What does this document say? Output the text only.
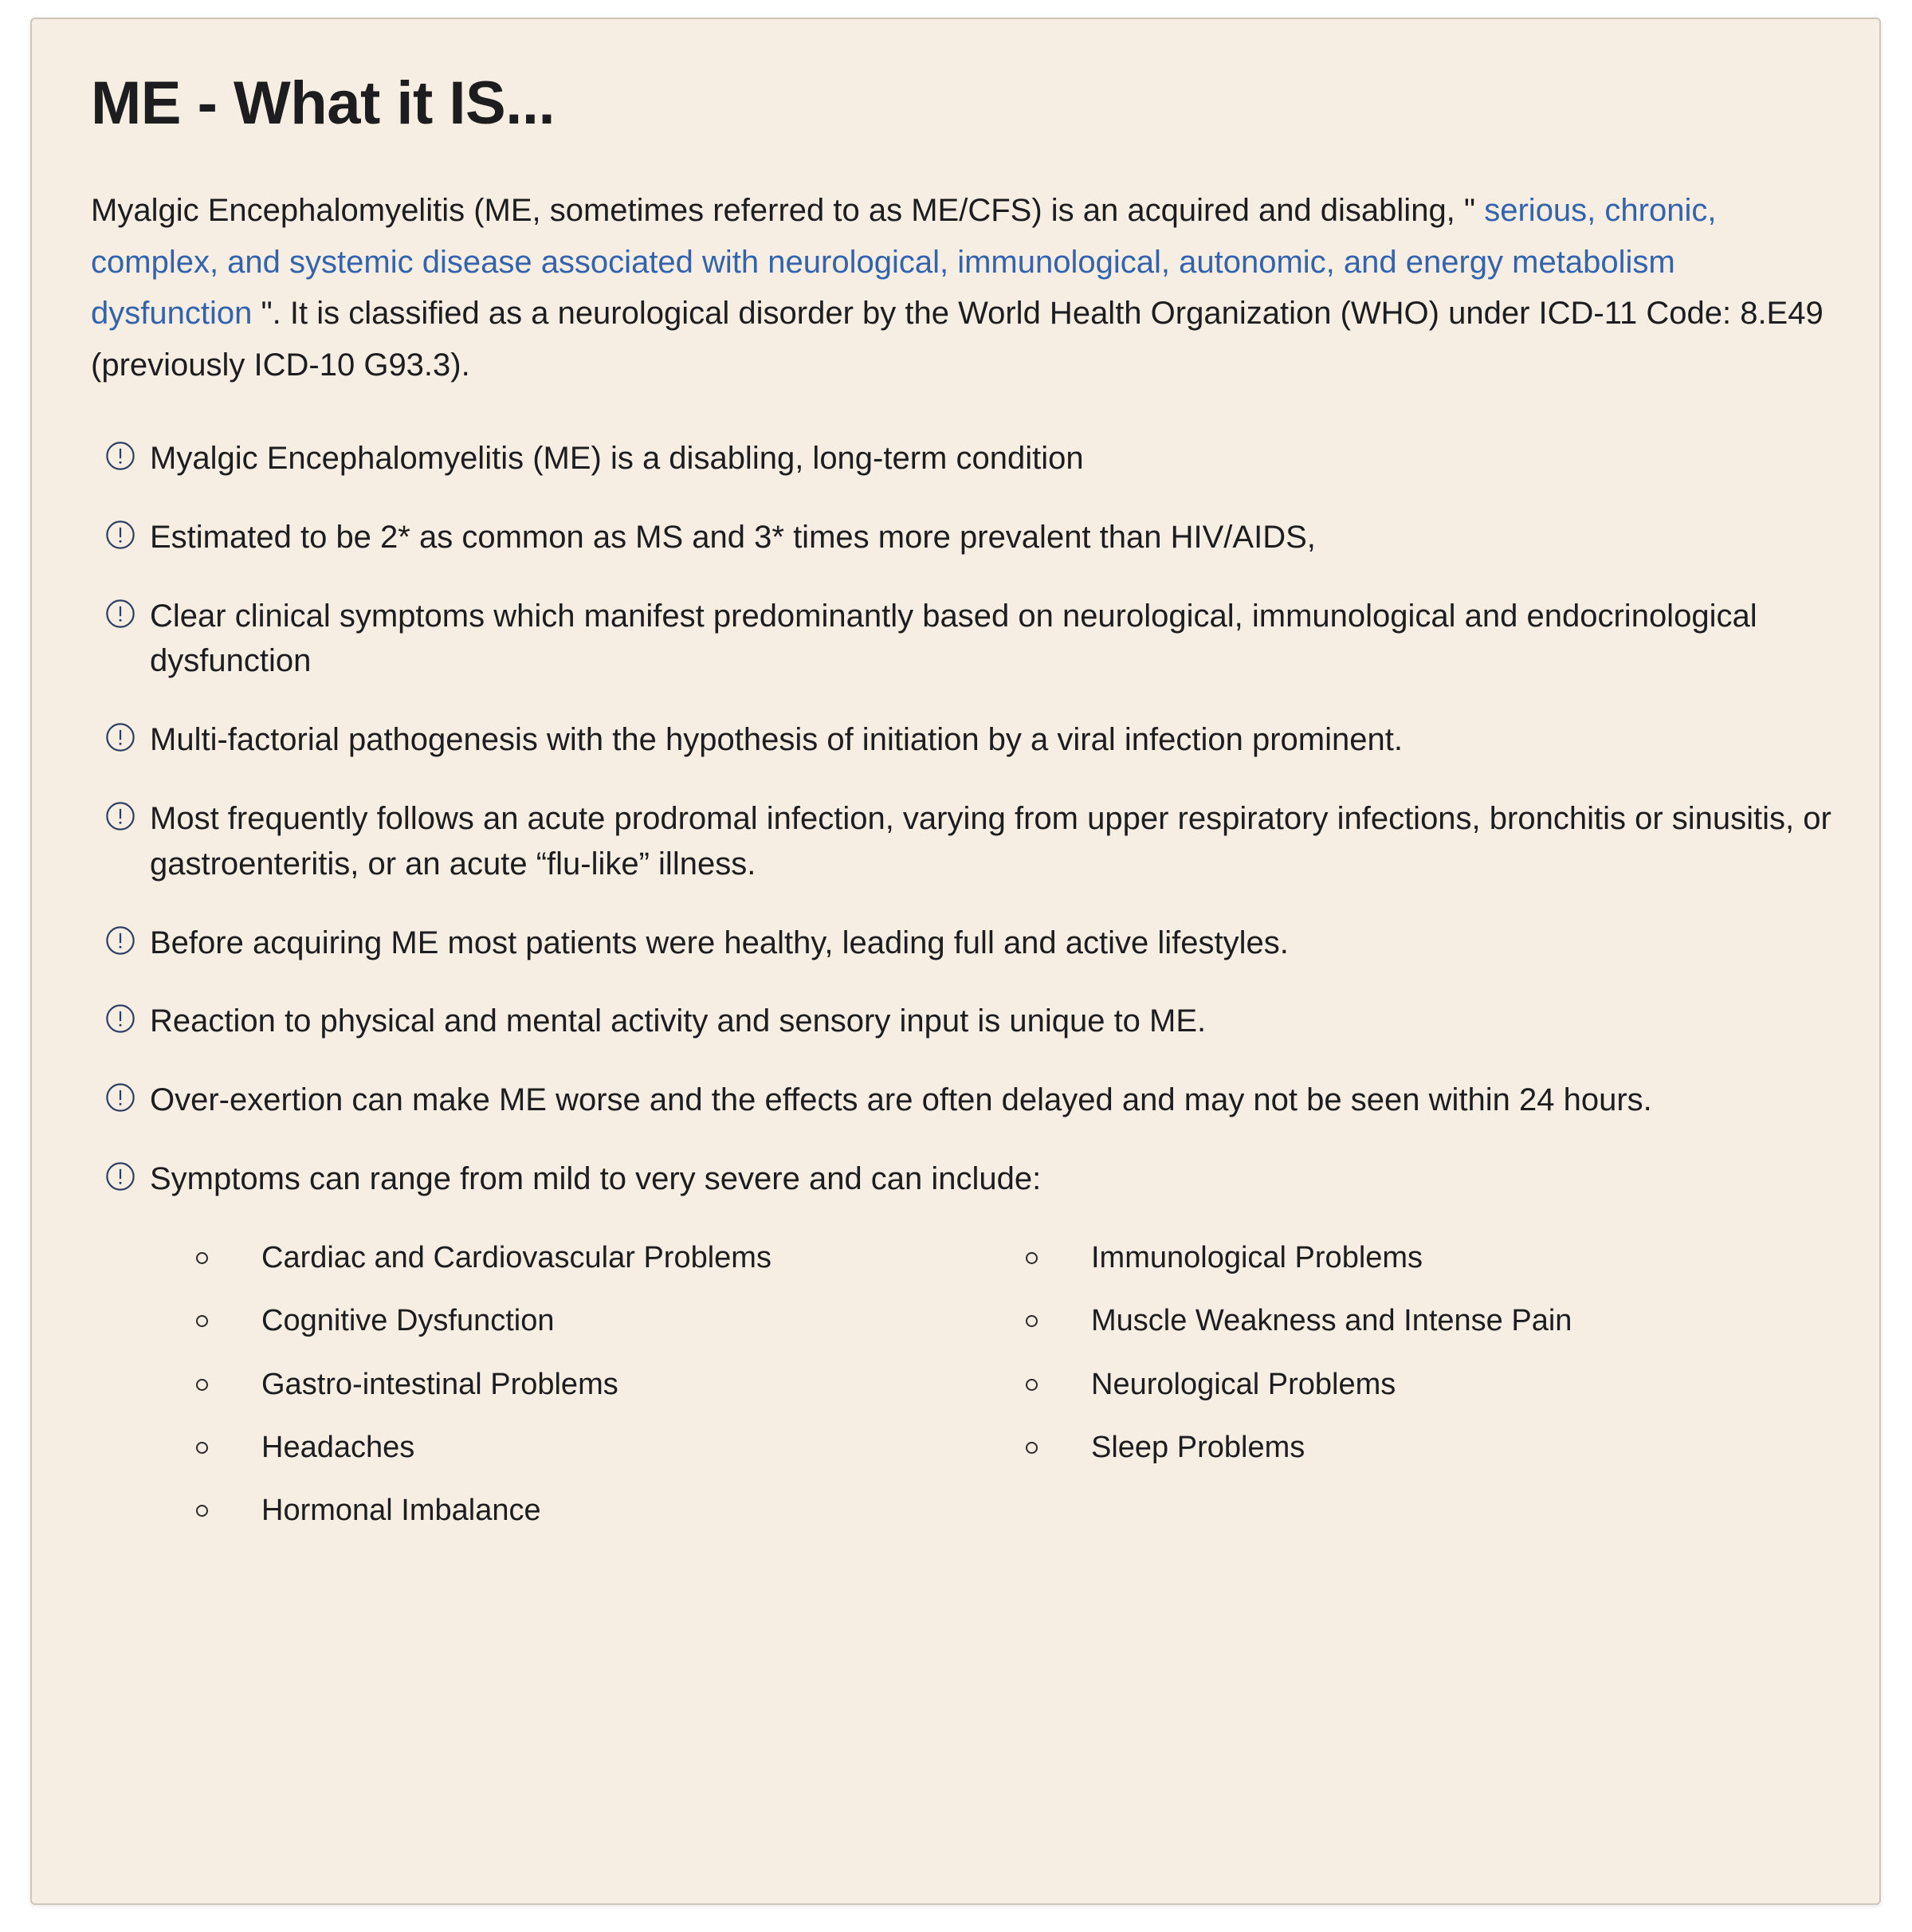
ME - What it IS...

Myalgic Encephalomyelitis (ME, sometimes referred to as ME/CFS) is an acquired and disabling, " serious, chronic, complex, and systemic disease associated with neurological, immunological, autonomic, and energy metabolism dysfunction ". It is classified as a neurological disorder by the World Health Organization (WHO) under ICD-11 Code: 8.E49 (previously ICD-10 G93.3).

Myalgic Encephalomyelitis (ME) is a disabling, long-term condition
Estimated to be 2* as common as MS and 3* times more prevalent than HIV/AIDS,
Clear clinical symptoms which manifest predominantly based on neurological, immunological and endocrinological dysfunction
Multi-factorial pathogenesis with the hypothesis of initiation by a viral infection prominent.
Most frequently follows an acute prodromal infection, varying from upper respiratory infections, bronchitis or sinusitis, or gastroenteritis, or an acute “flu-like” illness.
Before acquiring ME most patients were healthy, leading full and active lifestyles.
Reaction to physical and mental activity and sensory input is unique to ME.
Over-exertion can make ME worse and the effects are often delayed and may not be seen within 24 hours.
Symptoms can range from mild to very severe and can include:
Cardiac and Cardiovascular Problems
Cognitive Dysfunction
Gastro-intestinal Problems
Headaches
Hormonal Imbalance
Immunological Problems
Muscle Weakness and Intense Pain
Neurological Problems
Sleep Problems
